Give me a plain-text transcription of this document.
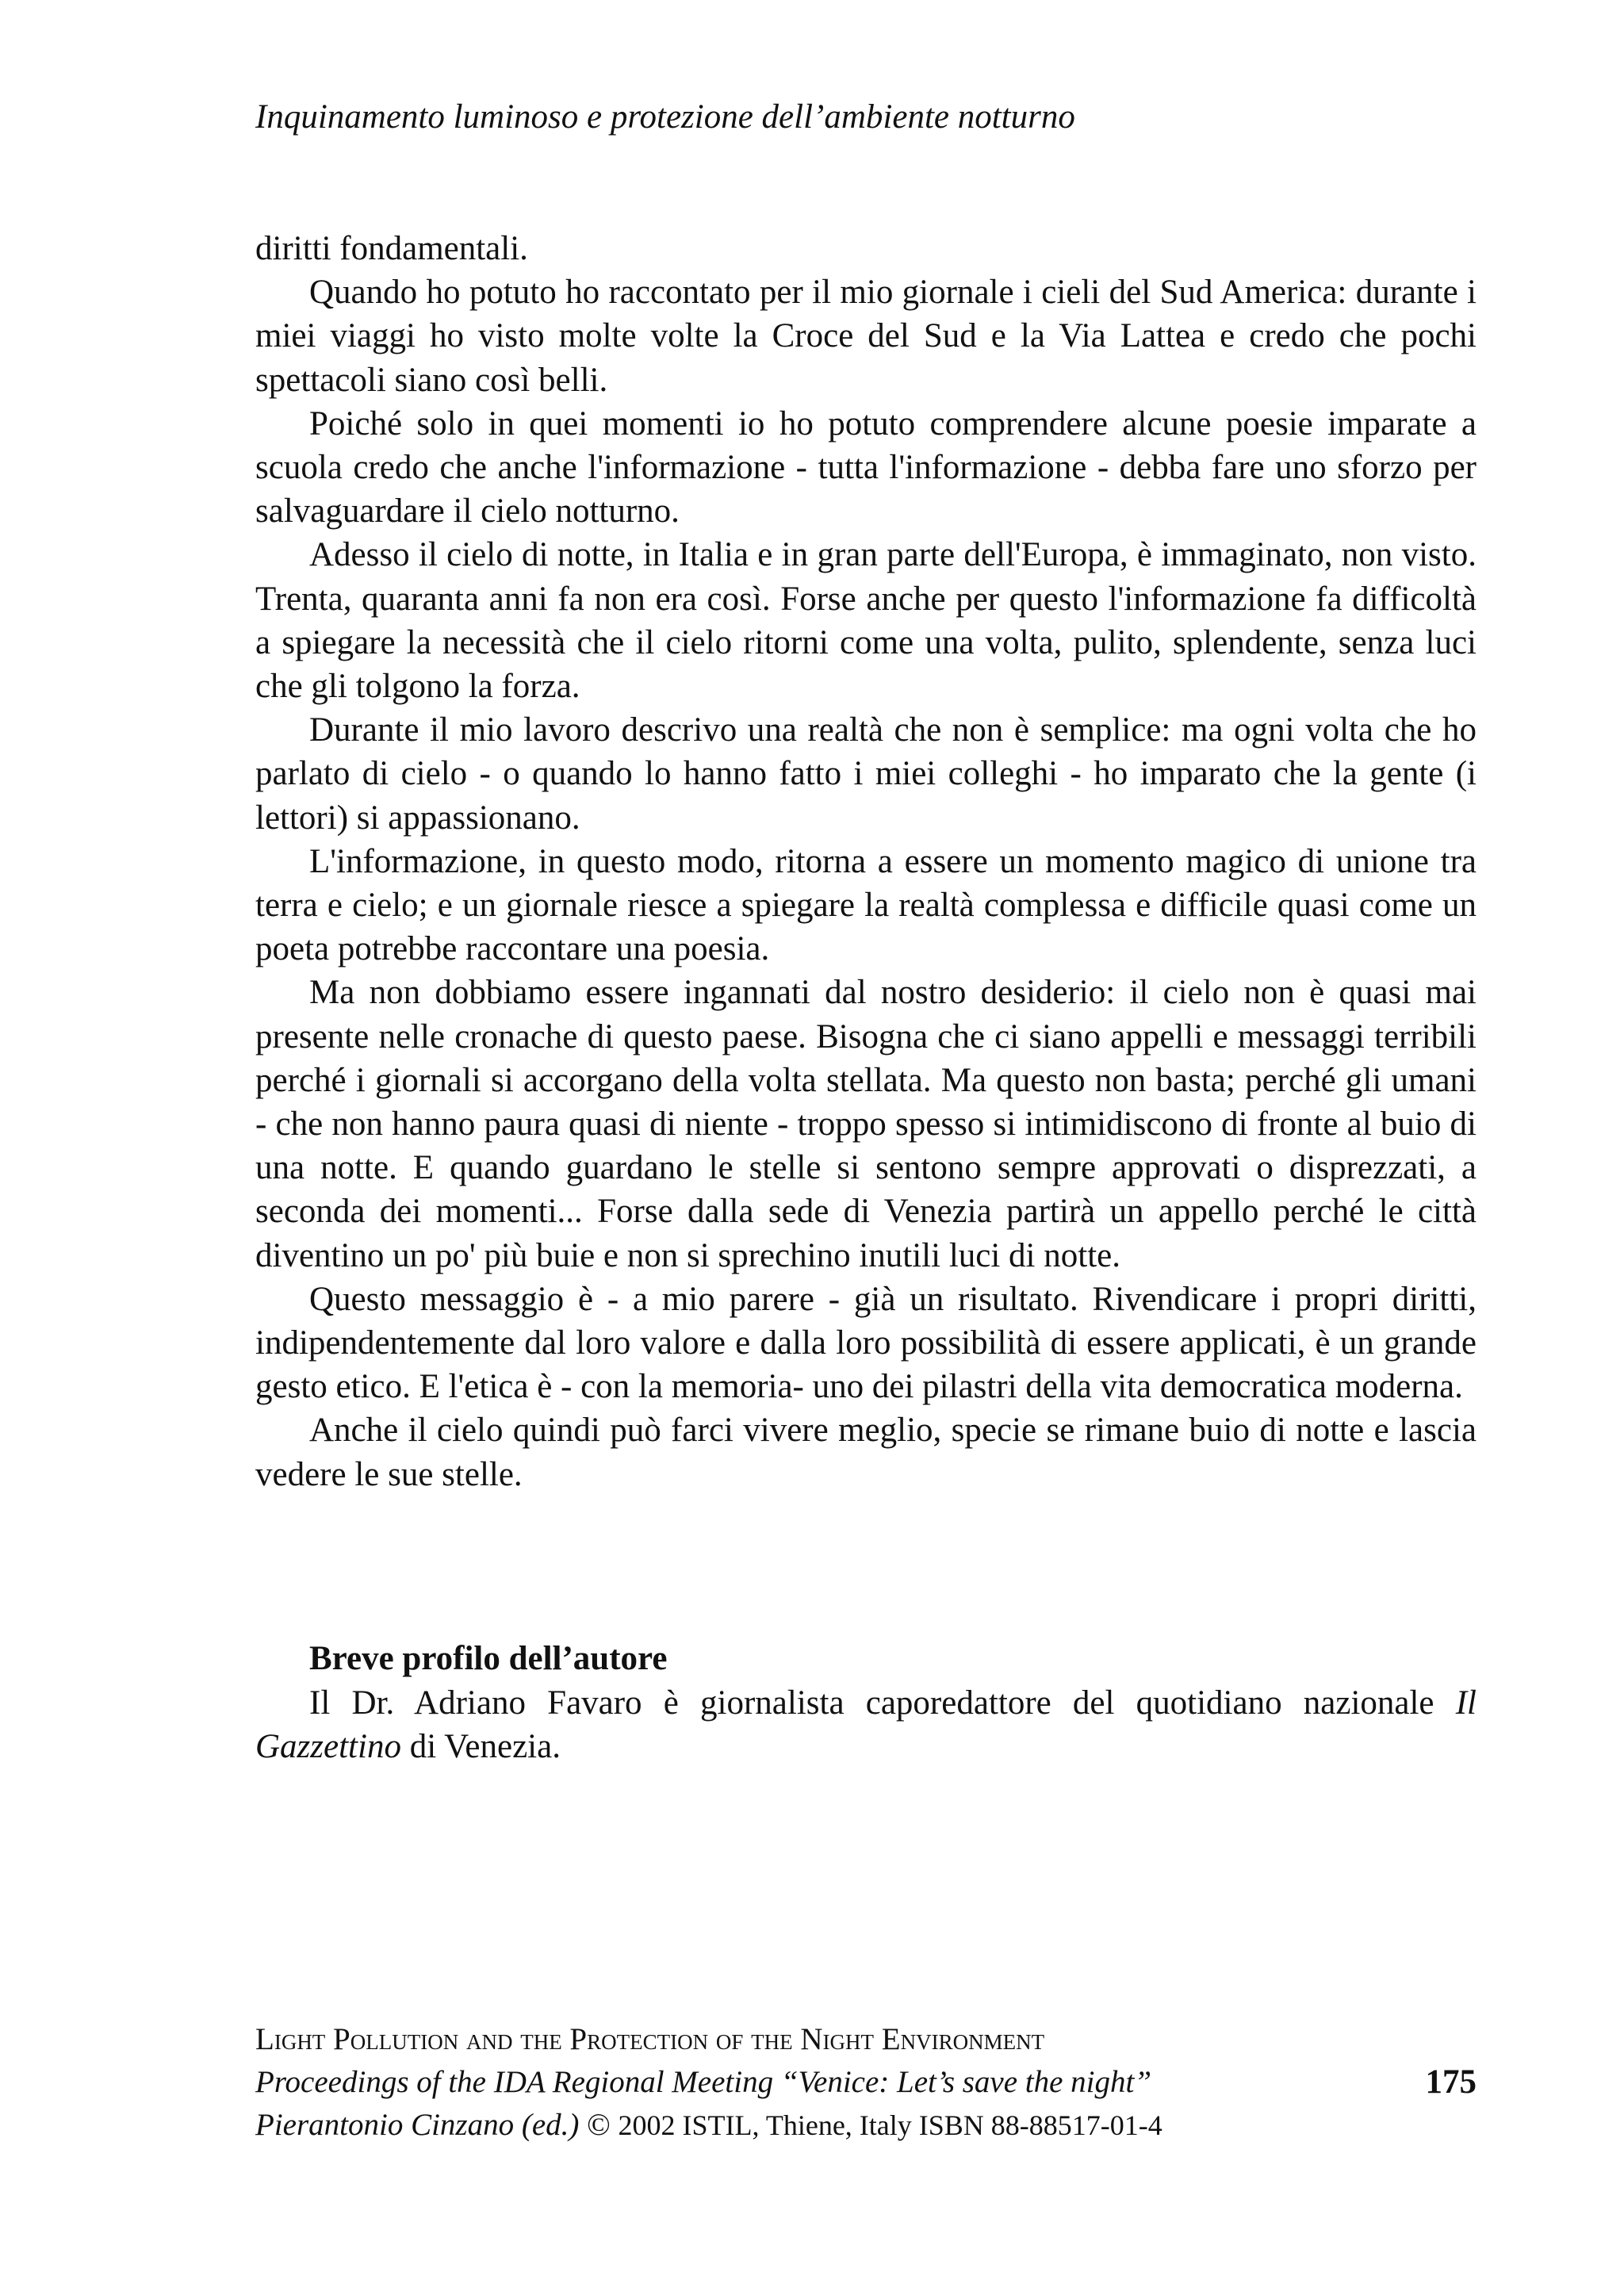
Inquinamento luminoso e protezione dell’ambiente notturno

diritti fondamentali.

Quando ho potuto ho raccontato per il mio giornale i cieli del Sud America: durante i miei viaggi ho visto molte volte la Croce del Sud e la Via Lattea e credo che pochi spettacoli siano così belli.

Poiché solo in quei momenti io ho potuto comprendere alcune poesie imparate a scuola credo che anche l'informazione - tutta l'informazione - debba fare uno sforzo per salvaguardare il cielo notturno.

Adesso il cielo di notte, in Italia e in gran parte dell'Europa, è immaginato, non visto. Trenta, quaranta anni fa non era così. Forse anche per questo l'informazione fa difficoltà a spiegare la necessità che il cielo ritorni come una volta, pulito, splendente, senza luci che gli tolgono la forza.

Durante il mio lavoro descrivo una realtà che non è semplice: ma ogni volta che ho parlato di cielo - o quando lo hanno fatto i miei colleghi - ho imparato che la gente (i lettori) si appassionano.

L'informazione, in questo modo, ritorna a essere un momento magico di unione tra terra e cielo; e un giornale riesce a spiegare la realtà complessa e difficile quasi come un poeta potrebbe raccontare una poesia.

Ma non dobbiamo essere ingannati dal nostro desiderio: il cielo non è quasi mai presente nelle cronache di questo paese. Bisogna che ci siano appelli e messaggi terribili perché i giornali si accorgano della volta stellata. Ma questo non basta; perché gli umani - che non hanno paura quasi di niente - troppo spesso si intimidiscono di fronte al buio di una notte. E quando guardano le stelle si sentono sempre approvati o disprezzati, a seconda dei momenti... Forse dalla sede di Venezia partirà un appello perché le città diventino un po' più buie e non si sprechino inutili luci di notte.

Questo messaggio è - a mio parere - già un risultato. Rivendicare i propri diritti, indipendentemente dal loro valore e dalla loro possibilità di essere applicati, è un grande gesto etico. E l'etica è - con la memoria- uno dei pilastri della vita democratica moderna.

Anche il cielo quindi può farci vivere meglio, specie se rimane buio di notte e lascia vedere le sue stelle.

Breve profilo dell’autore

Il Dr. Adriano Favaro è giornalista caporedattore del quotidiano nazionale Il Gazzettino di Venezia.

Light Pollution and the Protection of the Night Environment
Proceedings of the IDA Regional Meeting “Venice: Let’s save the night”
Pierantonio Cinzano (ed.) © 2002 ISTIL, Thiene, Italy ISBN 88-88517-01-4
175
